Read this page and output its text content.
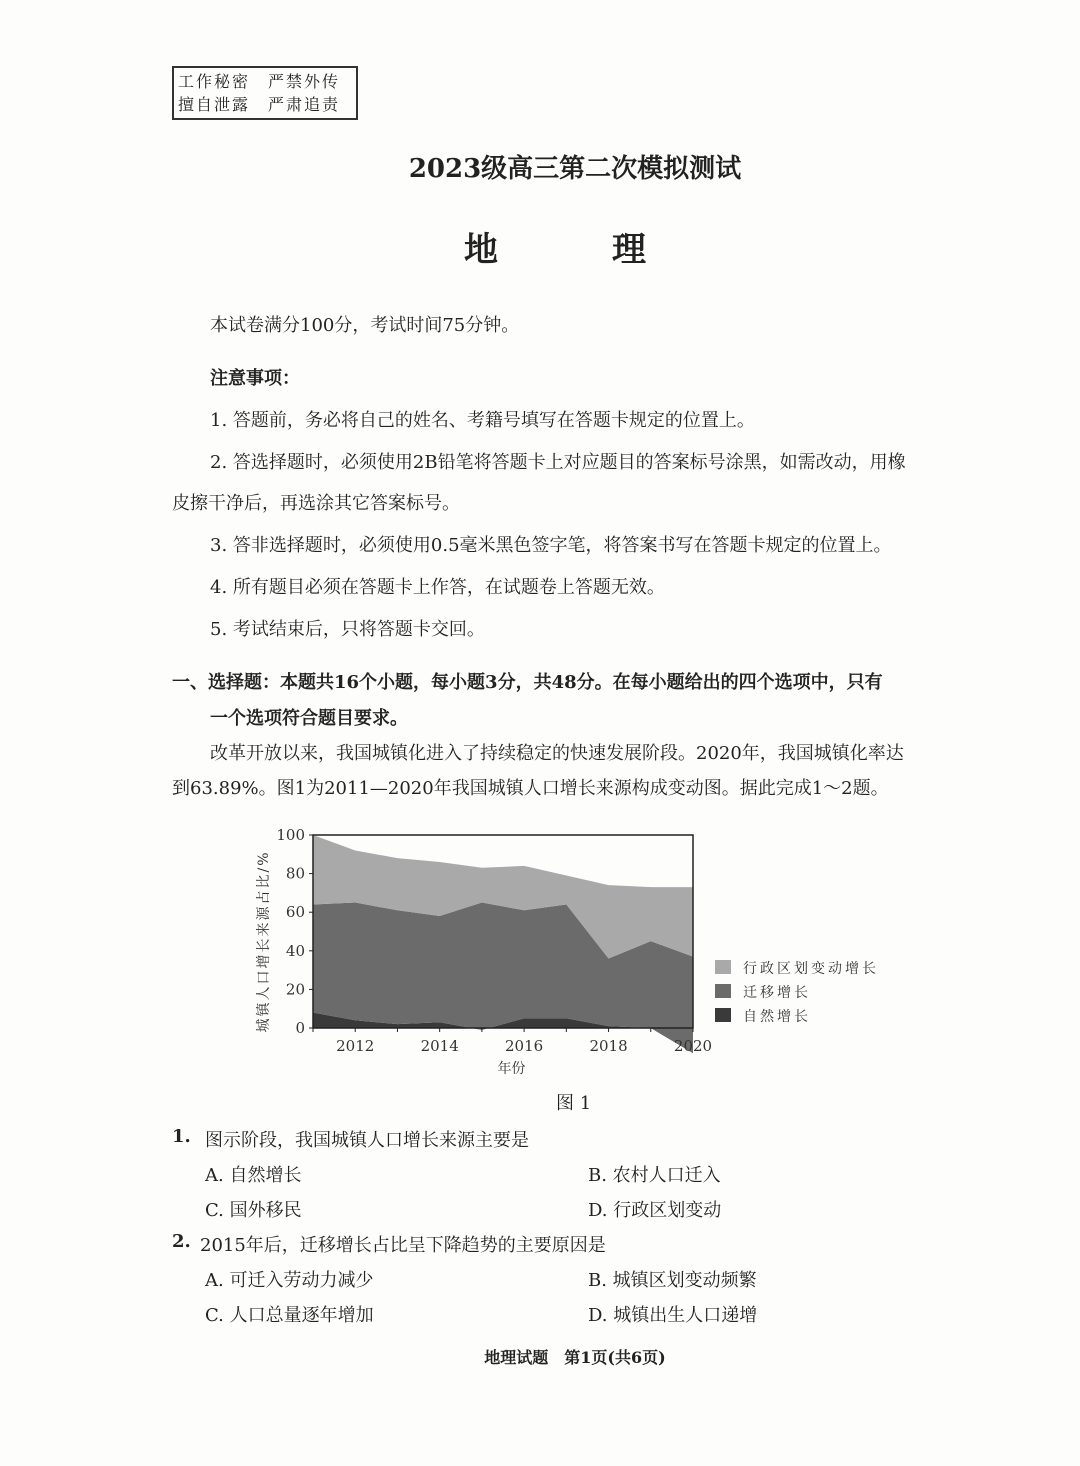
工作秘密　严禁外传
擅自泄露　严肃追责
2023级高三第二次模拟测试
地　理
本试卷满分100分，考试时间75分钟。
注意事项：
1. 答题前，务必将自己的姓名、考籍号填写在答题卡规定的位置上。
2. 答选择题时，必须使用2B铅笔将答题卡上对应题目的答案标号涂黑，如需改动，用橡
皮擦干净后，再选涂其它答案标号。
3. 答非选择题时，必须使用0.5毫米黑色签字笔，将答案书写在答题卡规定的位置上。
4. 所有题目必须在答题卡上作答，在试题卷上答题无效。
5. 考试结束后，只将答题卡交回。
一、选择题：本题共16个小题，每小题3分，共48分。在每小题给出的四个选项中，只有
一个选项符合题目要求。
改革开放以来，我国城镇化进入了持续稳定的快速发展阶段。2020年，我国城镇化率达
到63.89%。图1为2011—2020年我国城镇人口增长来源构成变动图。据此完成1～2题。
0
20
40
60
80
100
2012	2014	2016	2018	2020
年份
城镇人口增长来源占比/%	行政区划变动增长
迁移增长
自然增长
图 1
1. 图示阶段，我国城镇人口增长来源主要是
A. 自然增长	B. 农村人口迁入
C. 国外移民	D. 行政区划变动
2. 2015年后，迁移增长占比呈下降趋势的主要原因是
A. 可迁入劳动力减少	B. 城镇区划变动频繁
C. 人口总量逐年增加	D. 城镇出生人口递增
地理试题　第1页(共6页)
